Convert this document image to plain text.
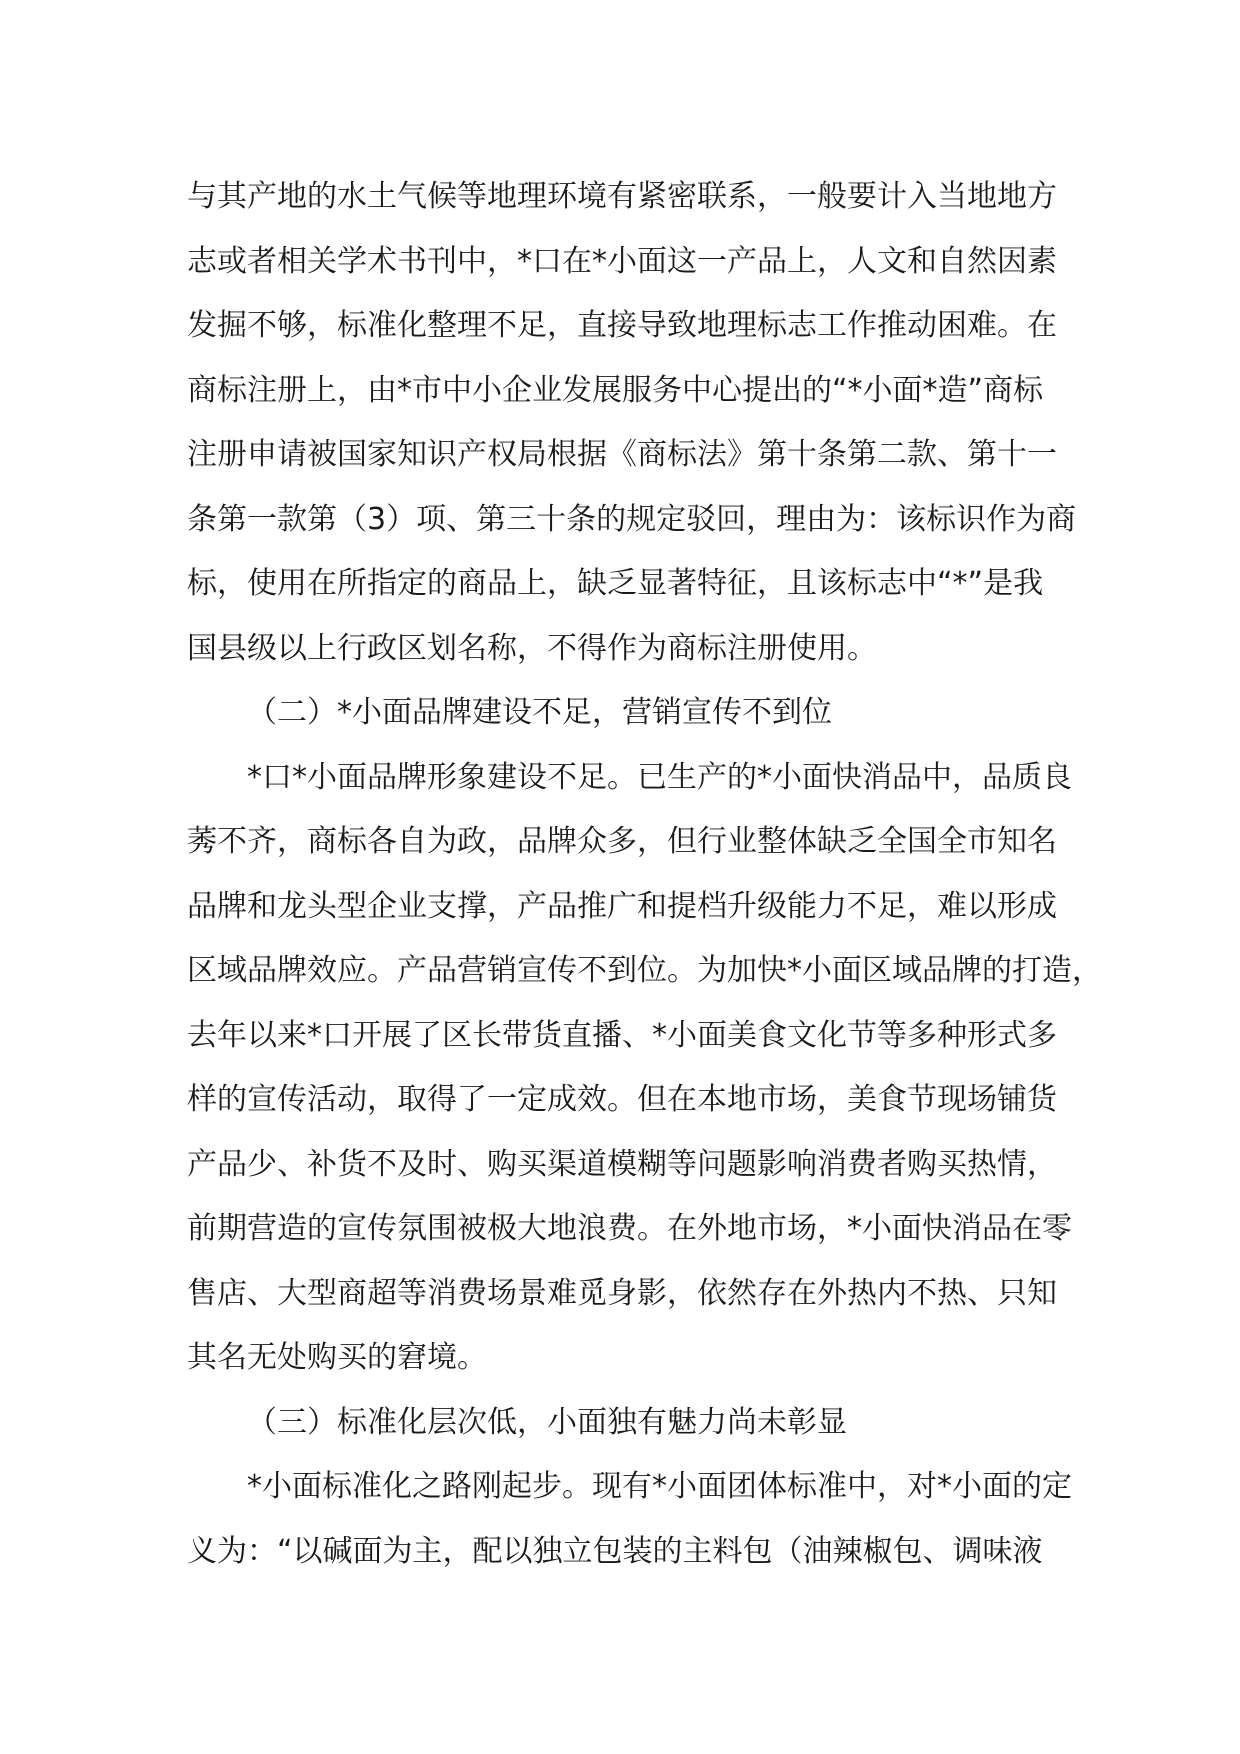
与其产地的水土气候等地理环境有紧密联系，一般要计入当地地方
志或者相关学术书刊中，*口在*小面这一产品上，人文和自然因素
发掘不够，标准化整理不足，直接导致地理标志工作推动困难。在
商标注册上，由*市中小企业发展服务中心提出的“*小面*造”商标
注册申请被国家知识产权局根据《商标法》第十条第二款、第十一
条第一款第（3）项、第三十条的规定驳回，理由为：该标识作为商
标，使用在所指定的商品上，缺乏显著特征，且该标志中“*”是我
国县级以上行政区划名称，不得作为商标注册使用。
（二）*小面品牌建设不足，营销宣传不到位
*口*小面品牌形象建设不足。已生产的*小面快消品中，品质良
莠不齐，商标各自为政，品牌众多，但行业整体缺乏全国全市知名
品牌和龙头型企业支撑，产品推广和提档升级能力不足，难以形成
区域品牌效应。产品营销宣传不到位。为加快*小面区域品牌的打造，
去年以来*口开展了区长带货直播、*小面美食文化节等多种形式多
样的宣传活动，取得了一定成效。但在本地市场，美食节现场铺货
产品少、补货不及时、购买渠道模糊等问题影响消费者购买热情，
前期营造的宣传氛围被极大地浪费。在外地市场，*小面快消品在零
售店、大型商超等消费场景难觅身影，依然存在外热内不热、只知
其名无处购买的窘境。
（三）标准化层次低，小面独有魅力尚未彰显
*小面标准化之路刚起步。现有*小面团体标准中，对*小面的定
义为：“以碱面为主，配以独立包装的主料包（油辣椒包、调味液
